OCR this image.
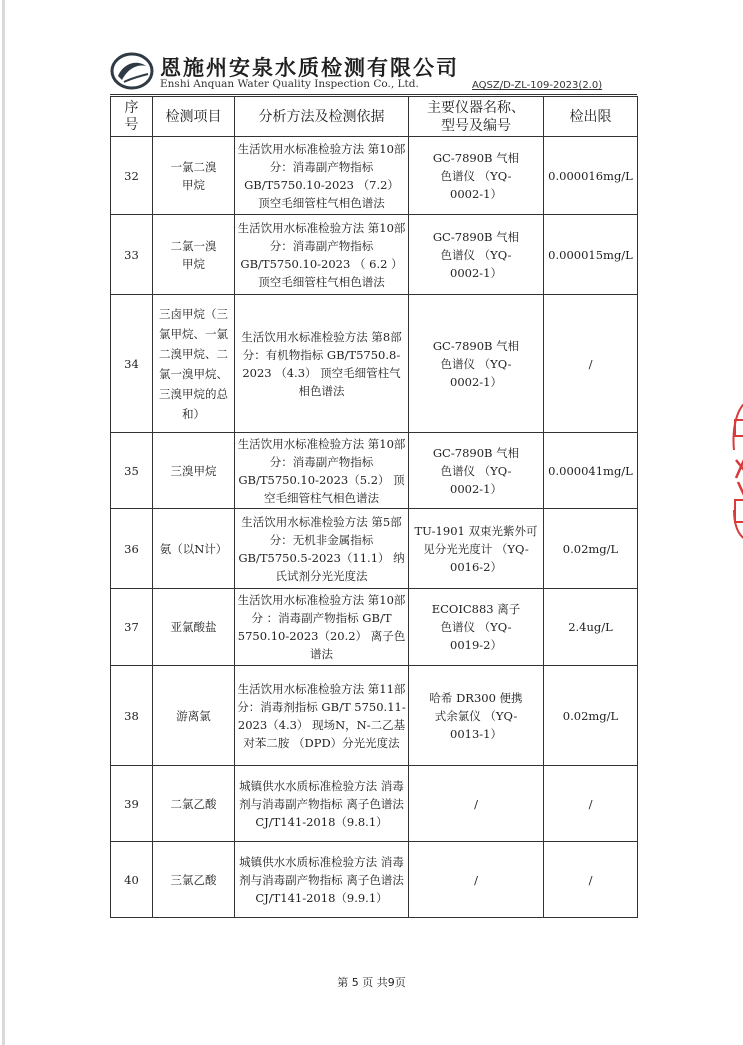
恩施州安泉水质检测有限公司
Enshi Anquan Water Quality Inspection Co., Ltd.	AQSZ/D-ZL-109-2023(2.0)
序号	检测项目	分析方法及检测依据	主要仪器名称、型号及编号	检出限
32	一氯二溴甲烷	生活饮用水标准检验方法 第10部分：消毒副产物指标 GB/T5750.10-2023 （7.2） 顶空毛细管柱气相色谱法	GC-7890B 气相色谱仪 （YQ-0002-1）	0.000016mg/L
33	二氯一溴甲烷	生活饮用水标准检验方法 第10部分：消毒副产物指标 GB/T5750.10-2023 （ 6.2 ） 顶空毛细管柱气相色谱法	GC-7890B 气相色谱仪 （YQ-0002-1）	0.000015mg/L
34	三卤甲烷（三氯甲烷、一氯二溴甲烷、二氯一溴甲烷、三溴甲烷的总和）	生活饮用水标准检验方法 第8部分：有机物指标 GB/T5750.8-2023 （4.3） 顶空毛细管柱气相色谱法	GC-7890B 气相色谱仪 （YQ-0002-1）	/
35	三溴甲烷	生活饮用水标准检验方法 第10部分：消毒副产物指标 GB/T5750.10-2023（5.2） 顶空毛细管柱气相色谱法	GC-7890B 气相色谱仪 （YQ-0002-1）	0.000041mg/L
36	氨（以N计）	生活饮用水标准检验方法 第5部分：无机非金属指标 GB/T5750.5-2023（11.1） 纳氏试剂分光光度法	TU-1901 双束光紫外可见分光光度计 （YQ-0016-2）	0.02mg/L
37	亚氯酸盐	生活饮用水标准检验方法 第10部分 ：消毒副产物指标 GB/T 5750.10-2023（20.2） 离子色谱法	ECOIC883 离子色谱仪 （YQ-0019-2）	2.4ug/L
38	游离氯	生活饮用水标准检验方法 第11部分：消毒剂指标 GB/T 5750.11-2023（4.3） 现场N，N-二乙基对苯二胺 （DPD）分光光度法	哈希 DR300 便携式余氯仪 （YQ-0013-1）	0.02mg/L
39	二氯乙酸	城镇供水水质标准检验方法 消毒剂与消毒副产物指标 离子色谱法 CJ/T141-2018（9.8.1）	/	/
40	三氯乙酸	城镇供水水质标准检验方法 消毒剂与消毒副产物指标 离子色谱法 CJ/T141-2018（9.9.1）	/	/
第 5 页 共9页
